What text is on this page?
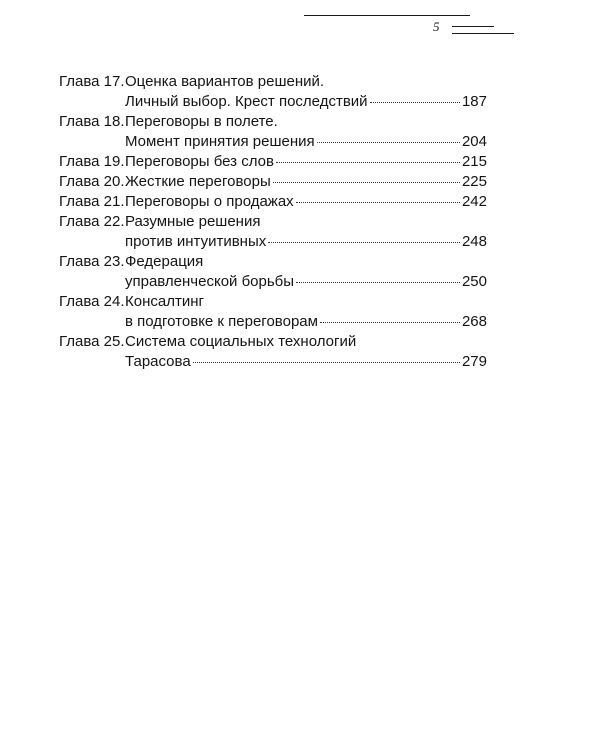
5
Глава 17. Оценка вариантов решений.
Личный выбор. Крест последствий	187
Глава 18. Переговоры в полете.
Момент принятия решения	204
Глава 19. Переговоры без слов	215
Глава 20. Жесткие переговоры	225
Глава 21. Переговоры о продажах	242
Глава 22. Разумные решения
против интуитивных	248
Глава 23. Федерация
управленческой борьбы	250
Глава 24. Консалтинг
в подготовке к переговорам	268
Глава 25. Система социальных технологий
Тарасова	279
